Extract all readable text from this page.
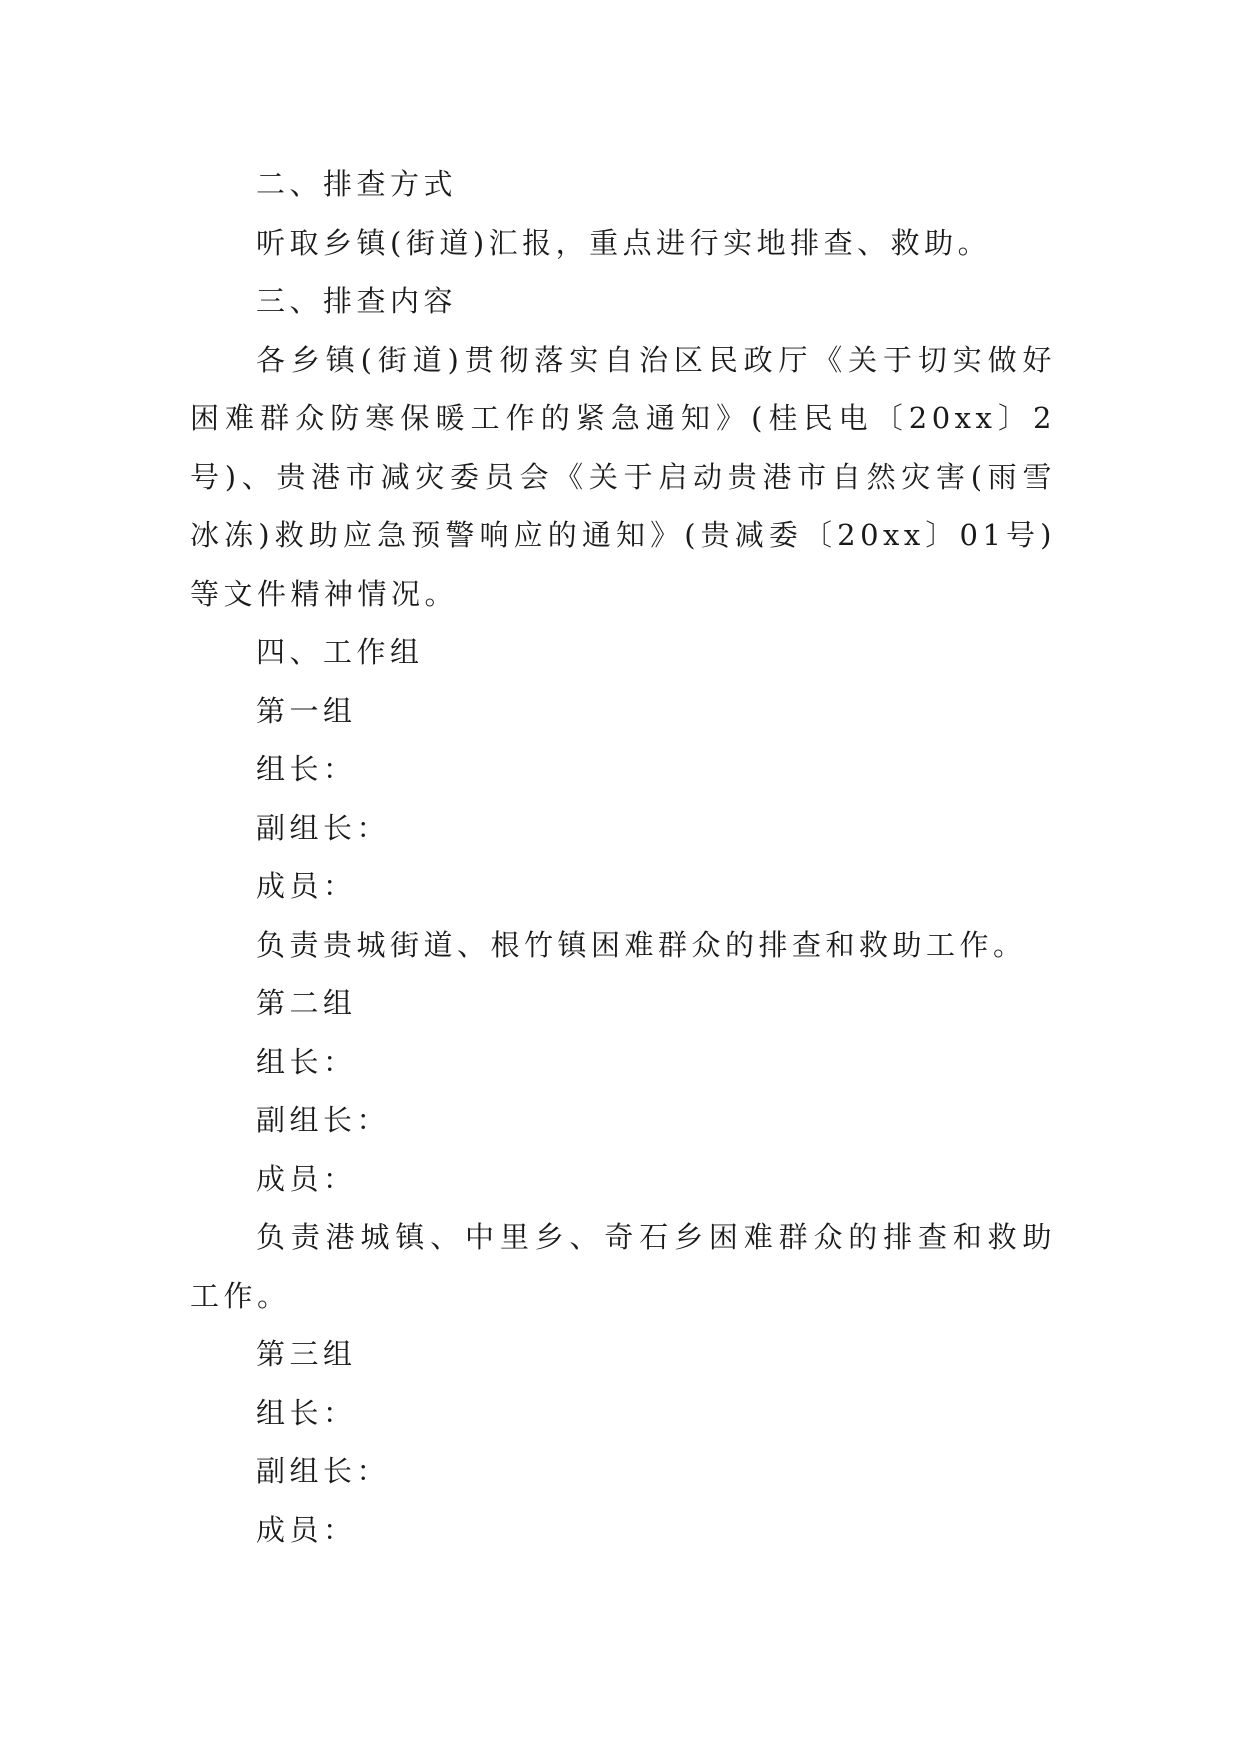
二、排查方式

听取乡镇(街道)汇报，重点进行实地排查、救助。

三、排查内容

各乡镇(街道)贯彻落实自治区民政厅《关于切实做好困难群众防寒保暖工作的紧急通知》(桂民电〔20xx〕2号)、贵港市减灾委员会《关于启动贵港市自然灾害(雨雪冰冻)救助应急预警响应的通知》(贵减委〔20xx〕01号)等文件精神情况。

四、工作组

第一组

组长：

副组长：

成员：

负责贵城街道、根竹镇困难群众的排查和救助工作。

第二组

组长：

副组长：

成员：

负责港城镇、中里乡、奇石乡困难群众的排查和救助工作。

第三组

组长：

副组长：

成员：
